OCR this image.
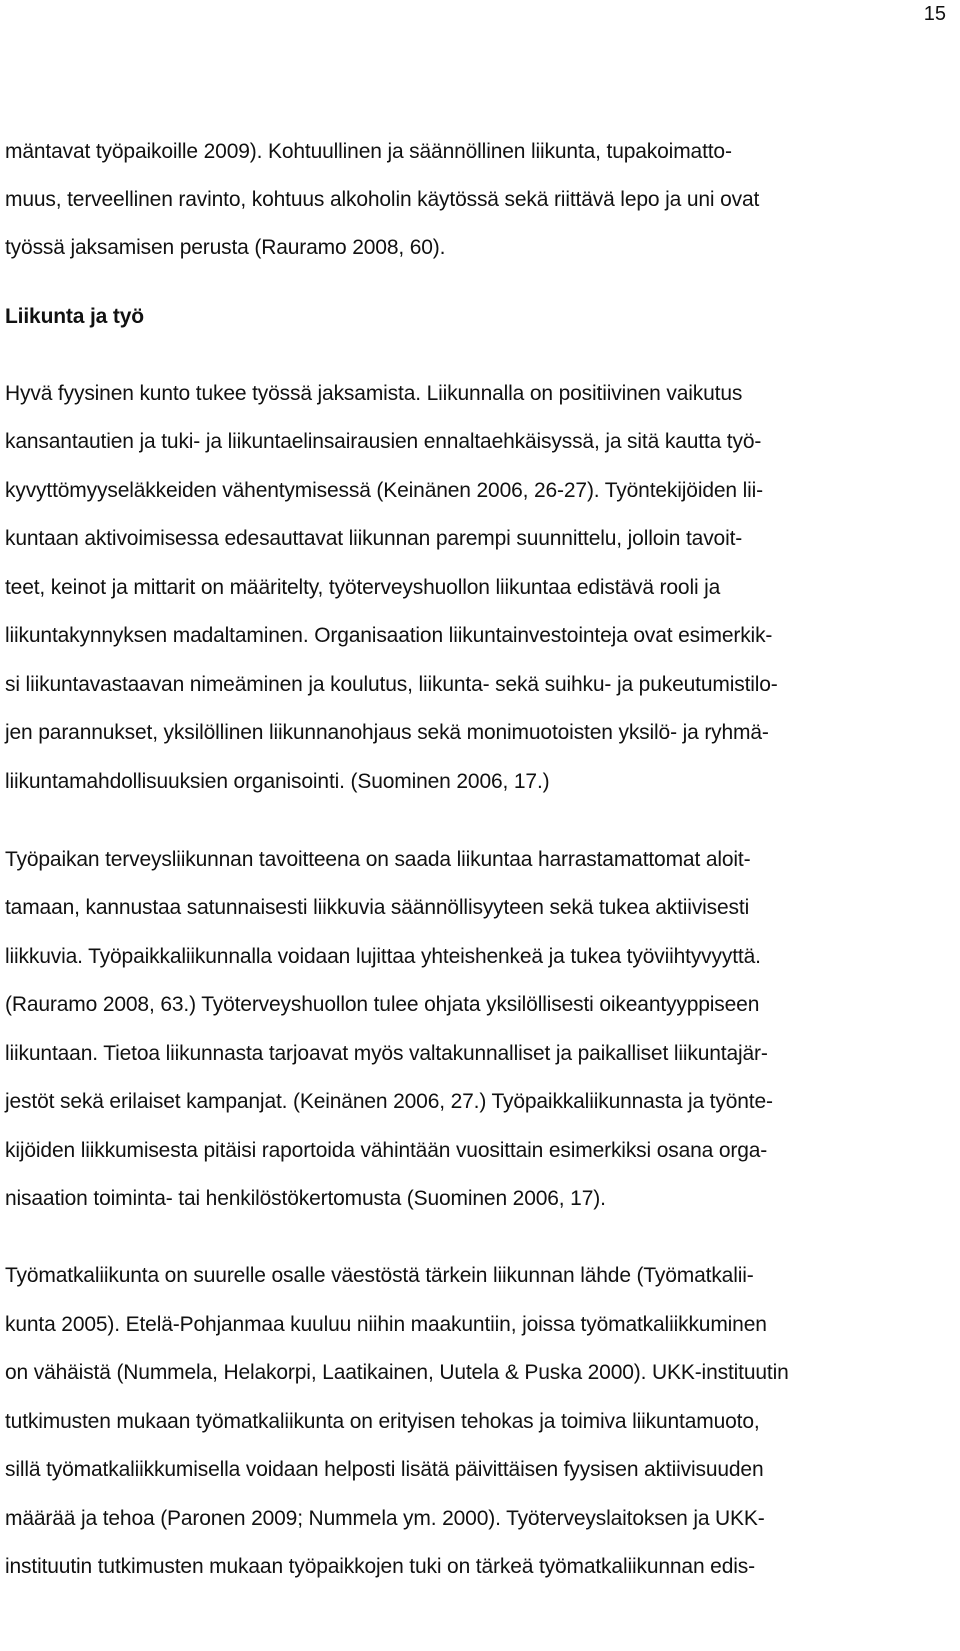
15
mäntavat työpaikoille 2009). Kohtuullinen ja säännöllinen liikunta, tupakoimatto-
muus, terveellinen ravinto, kohtuus alkoholin käytössä sekä riittävä lepo ja uni ovat
työssä jaksamisen perusta (Rauramo 2008, 60).
Liikunta ja työ
Hyvä fyysinen kunto tukee työssä jaksamista. Liikunnalla on positiivinen vaikutus
kansantautien ja tuki- ja liikuntaelinsairausien ennaltaehkäisyssä, ja sitä kautta työ-
kyvyttömyyseläkkeiden vähentymisessä (Keinänen 2006, 26-27). Työntekijöiden lii-
kuntaan aktivoimisessa edesauttavat liikunnan parempi suunnittelu, jolloin tavoit-
teet, keinot ja mittarit on määritelty, työterveyshuollon liikuntaa edistävä rooli ja
liikuntakynnyksen madaltaminen. Organisaation liikuntainvestointeja ovat esimerkik-
si liikuntavastaavan nimeäminen ja koulutus, liikunta- sekä suihku- ja pukeutumistilo-
jen parannukset, yksilöllinen liikunnanohjaus sekä monimuotoisten yksilö- ja ryhmä-
liikuntamahdollisuuksien organisointi. (Suominen 2006, 17.)
Työpaikan terveysliikunnan tavoitteena on saada liikuntaa harrastamattomat aloit-
tamaan, kannustaa satunnaisesti liikkuvia säännöllisyyteen sekä tukea aktiivisesti
liikkuvia. Työpaikkaliikunnalla voidaan lujittaa yhteishenkeä ja tukea työviihtyvyyttä.
(Rauramo 2008, 63.) Työterveyshuollon tulee ohjata yksilöllisesti oikeantyyppiseen
liikuntaan. Tietoa liikunnasta tarjoavat myös valtakunnalliset ja paikalliset liikuntajär-
jestöt sekä erilaiset kampanjat. (Keinänen 2006, 27.) Työpaikkaliikunnasta ja työnte-
kijöiden liikkumisesta pitäisi raportoida vähintään vuosittain esimerkiksi osana orga-
nisaation toiminta- tai henkilöstökertomusta (Suominen 2006, 17).
Työmatkaliikunta on suurelle osalle väestöstä tärkein liikunnan lähde (Työmatkalii-
kunta 2005). Etelä-Pohjanmaa kuuluu niihin maakuntiin, joissa työmatkaliikkuminen
on vähäistä (Nummela, Helakorpi, Laatikainen, Uutela & Puska 2000). UKK-instituutin
tutkimusten mukaan työmatkaliikunta on erityisen tehokas ja toimiva liikuntamuoto,
sillä työmatkaliikkumisella voidaan helposti lisätä päivittäisen fyysisen aktiivisuuden
määrää ja tehoa (Paronen 2009; Nummela ym. 2000). Työterveyslaitoksen ja UKK-
instituutin tutkimusten mukaan työpaikkojen tuki on tärkeä työmatkaliikunnan edis-
